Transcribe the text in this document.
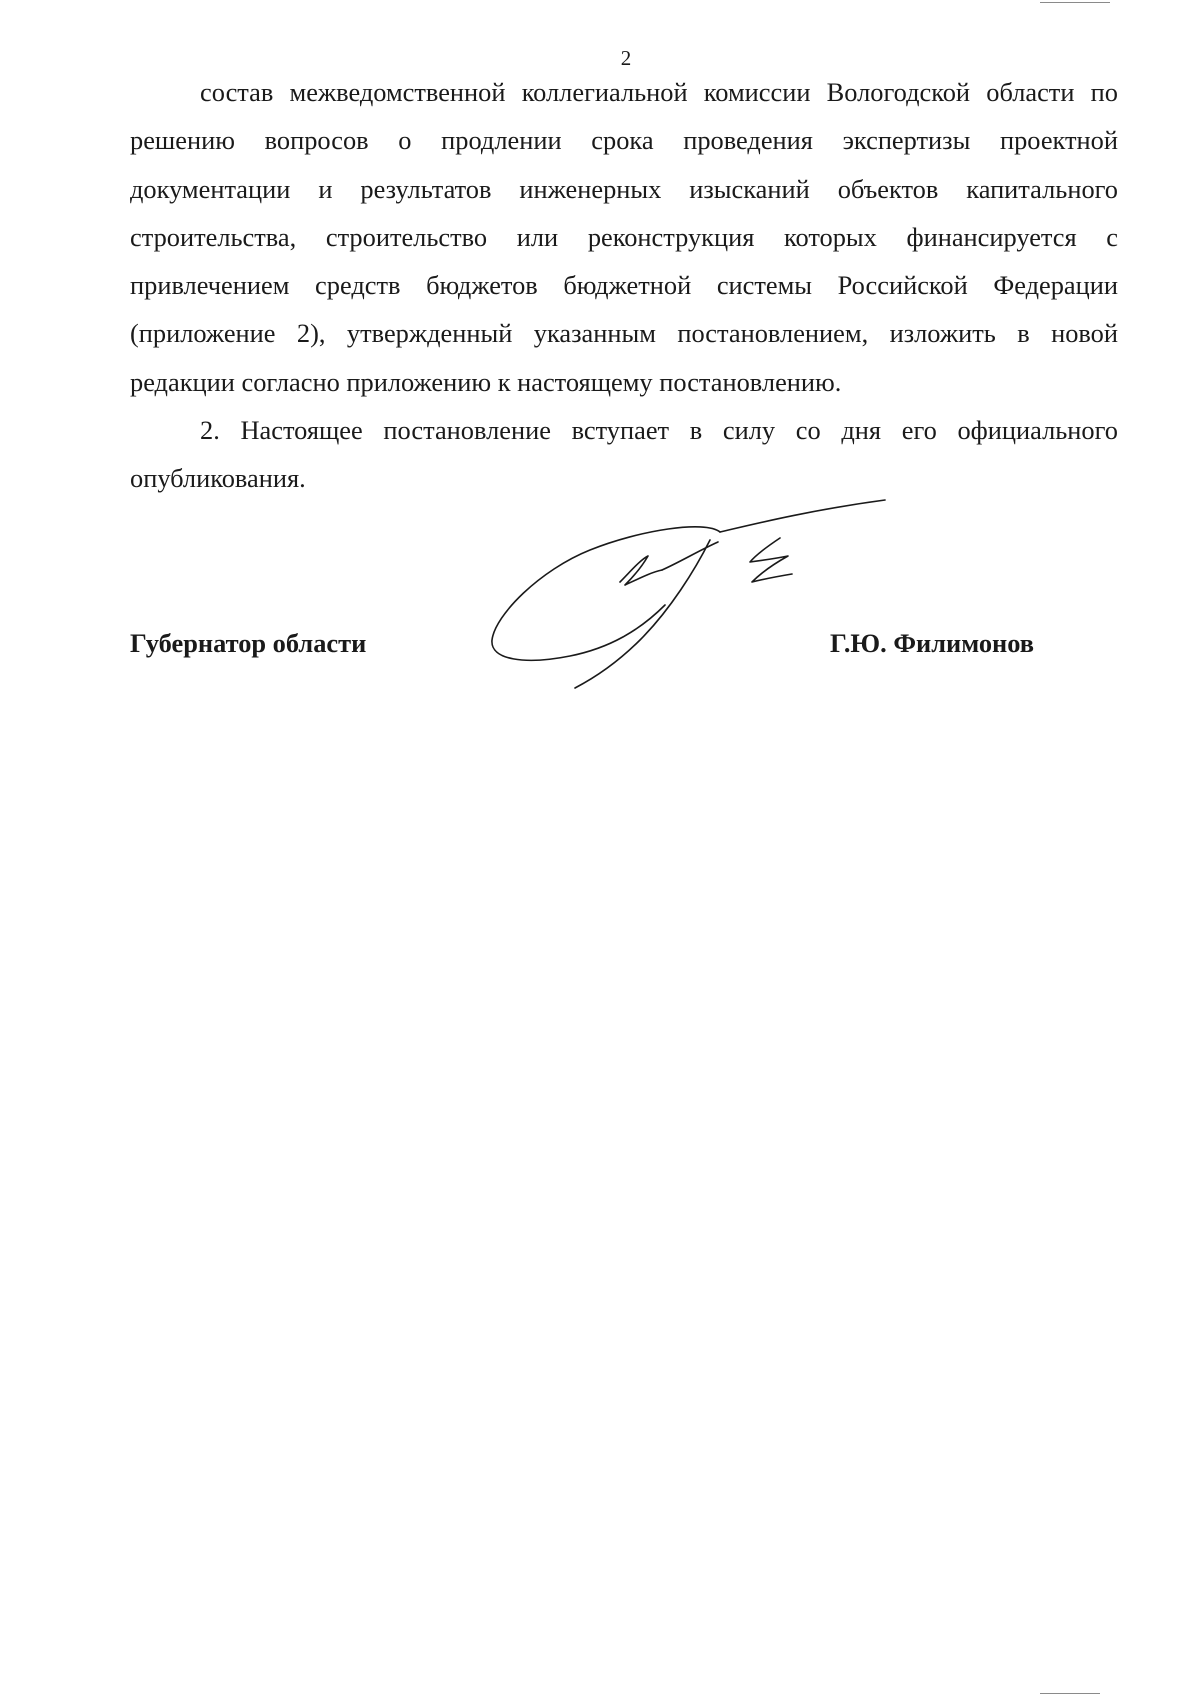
2

состав межведомственной коллегиальной комиссии Вологодской области по решению вопросов о продлении срока проведения экспертизы проектной документации и результатов инженерных изысканий объектов капитального строительства, строительство или реконструкция которых финансируется с привлечением средств бюджетов бюджетной системы Российской Федерации (приложение 2), утвержденный указанным постановлением, изложить в новой редакции согласно приложению к настоящему постановлению.

2. Настоящее постановление вступает в силу со дня его официального опубликования.

Губернатор области	Г.Ю. Филимонов
